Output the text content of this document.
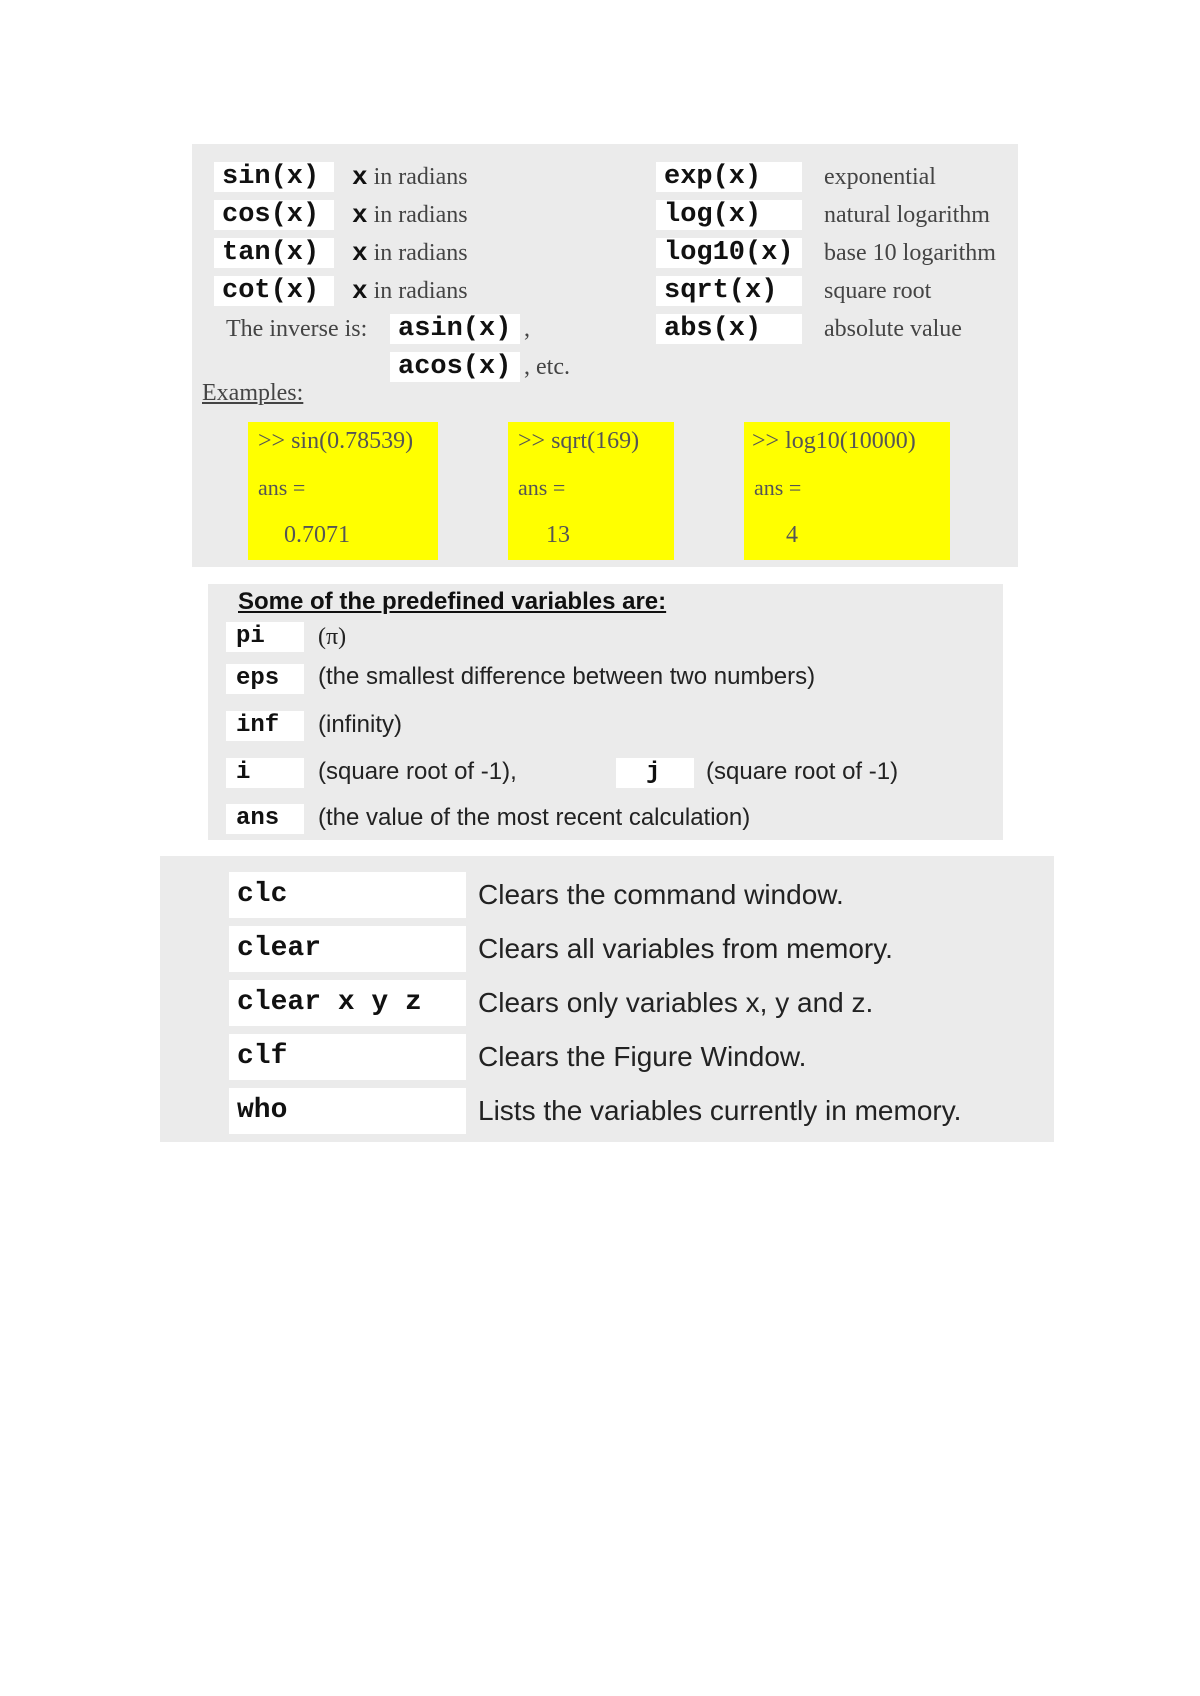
sin(x)	x in radians
cos(x)	x in radians
tan(x)	x in radians
cot(x)	x in radians
The inverse is: asin(x) ,
acos(x) , etc.
exp(x)	exponential
log(x)	natural logarithm
log10(x)	base 10 logarithm
sqrt(x)	square root
abs(x)	absolute value
Examples:
>> sin(0.78539)
ans =
0.7071
>> sqrt(169)
ans =
13
>> log10(10000)
ans =
4
Some of the predefined variables are:
pi	(π)
eps	(the smallest difference between two numbers)
inf	(infinity)
i	(square root of -1),	j	(square root of -1)
ans	(the value of the most recent calculation)
clc	Clears the command window.
clear	Clears all variables from memory.
clear x y z	Clears only variables x, y and z.
clf	Clears the Figure Window.
who	Lists the variables currently in memory.
